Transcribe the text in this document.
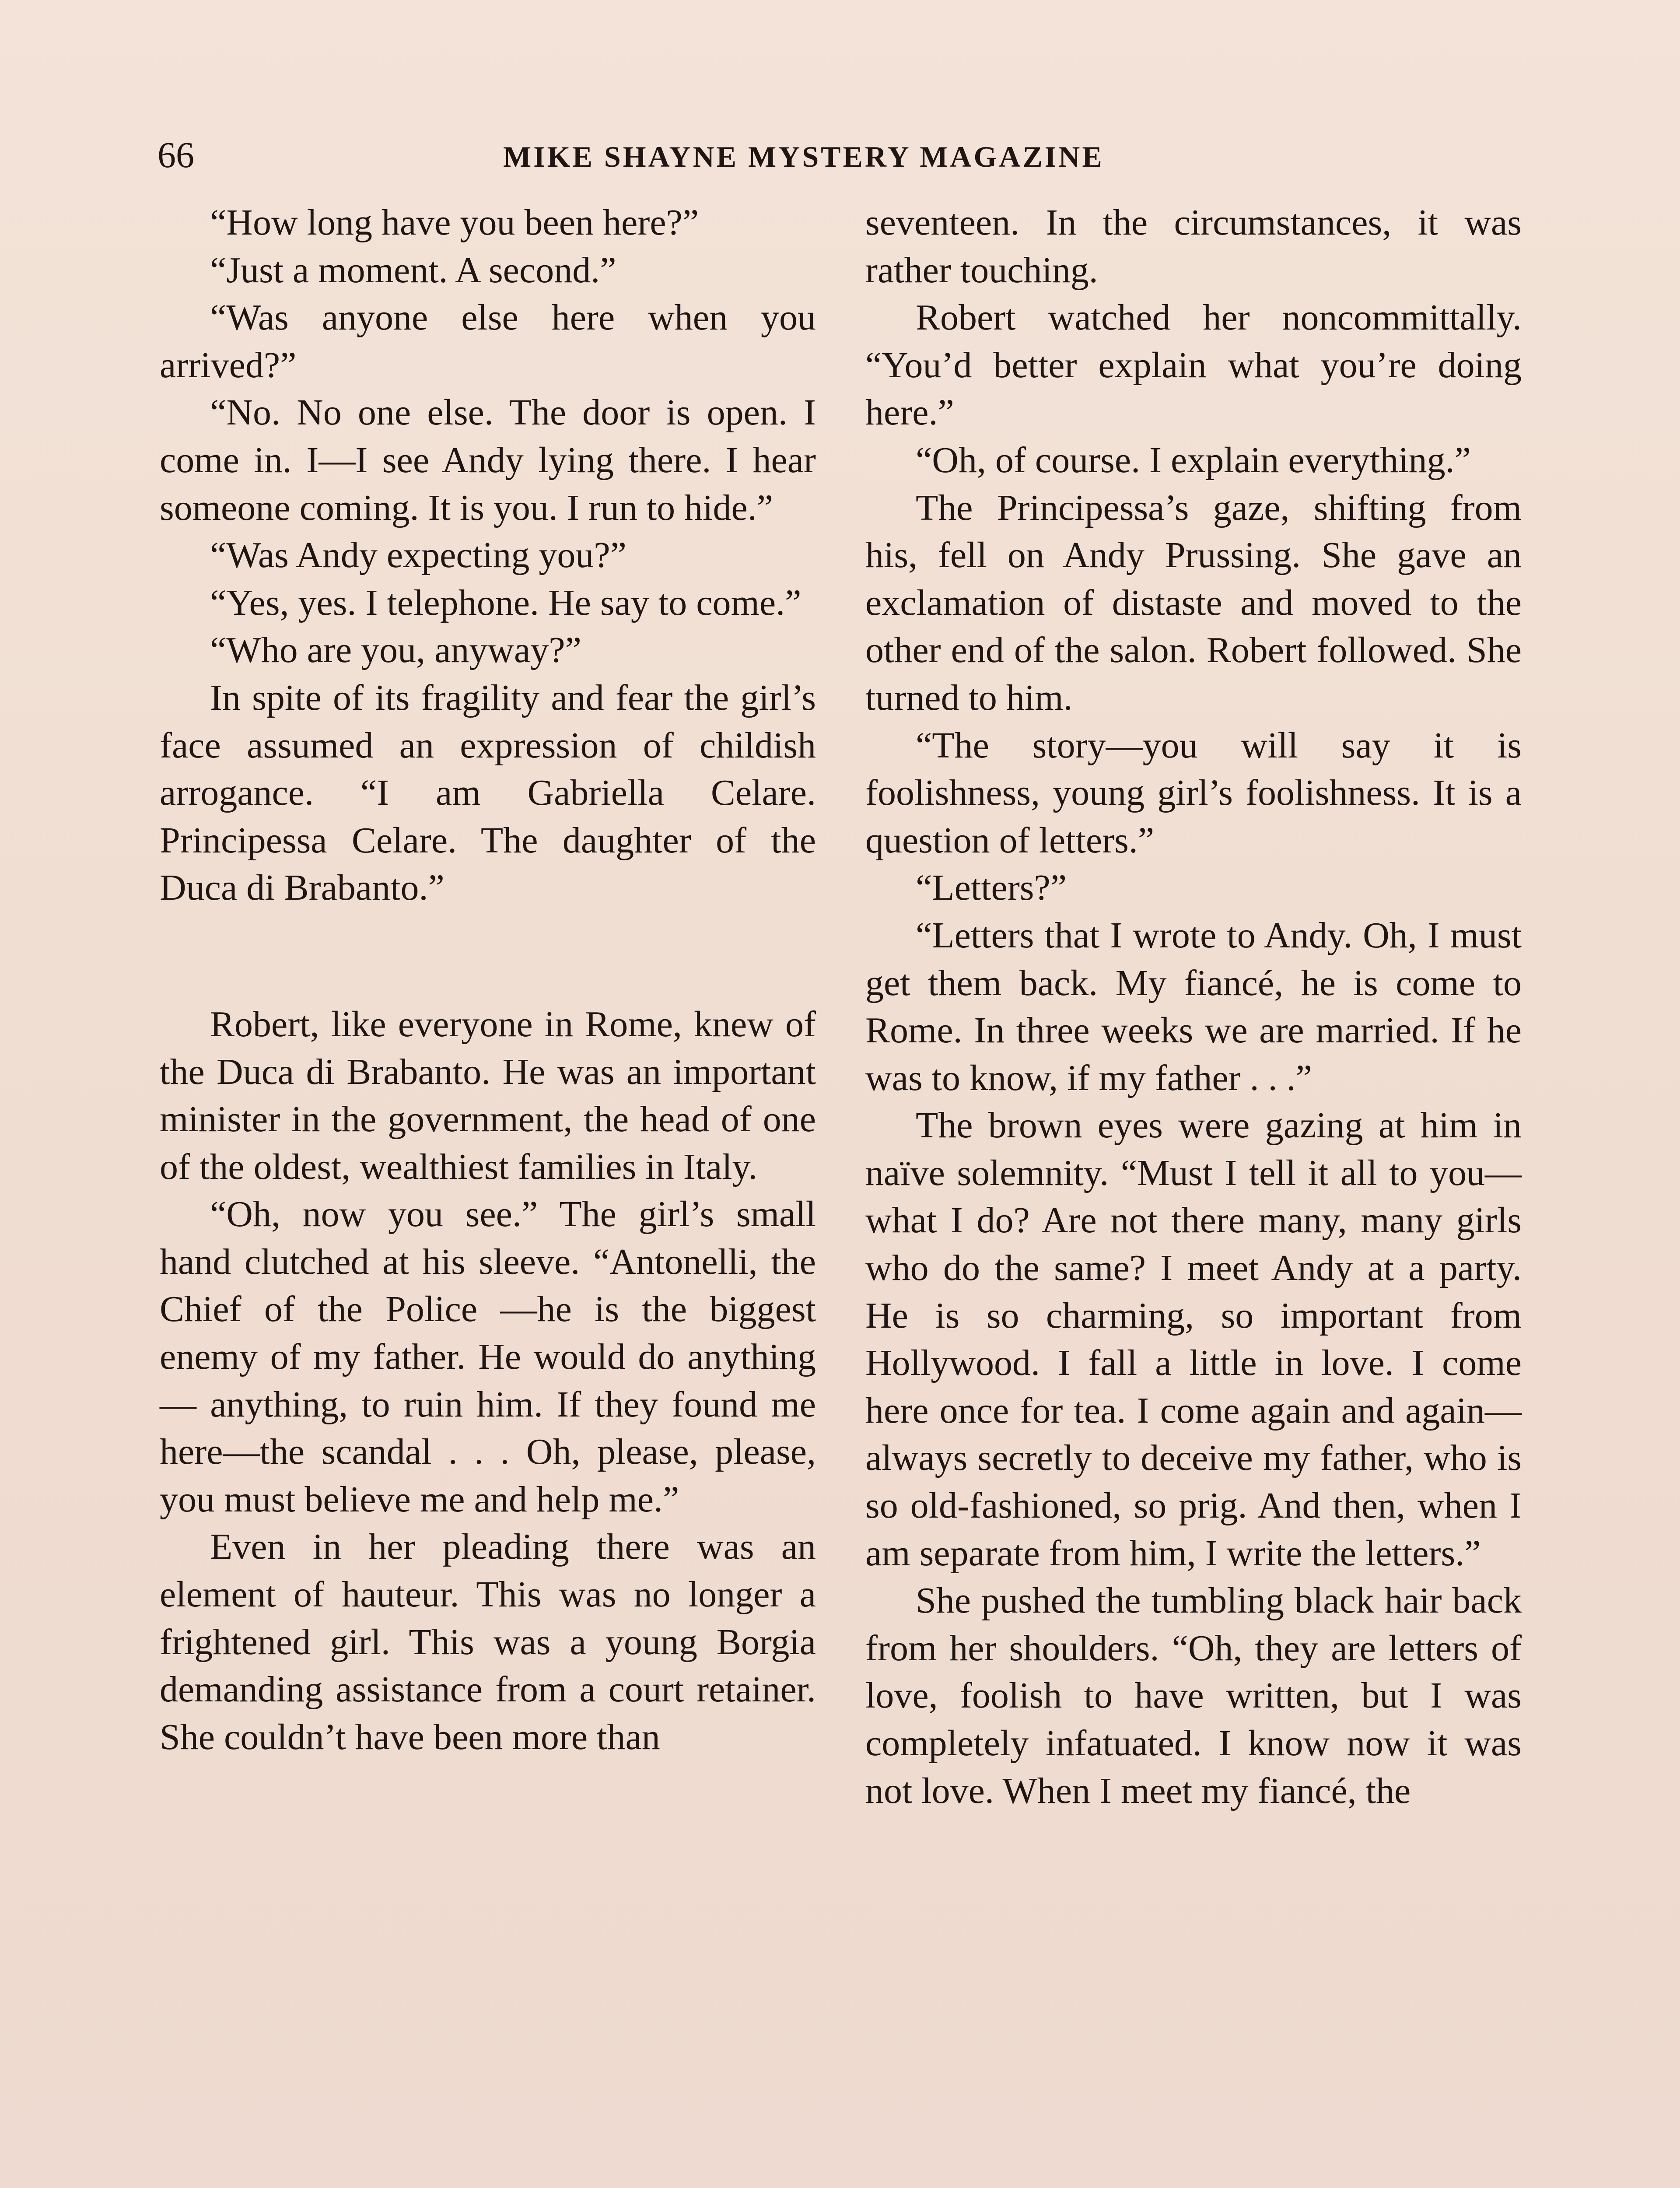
66	MIKE SHAYNE MYSTERY MAGAZINE

“How long have you been here?”

“Just a moment. A second.”

“Was anyone else here when you arrived?”

“No. No one else. The door is open. I come in. I—I see Andy lying there. I hear someone coming. It is you. I run to hide.”

“Was Andy expecting you?”

“Yes, yes. I telephone. He say to come.”

“Who are you, anyway?”

In spite of its fragility and fear the girl’s face assumed an expression of childish arrogance. “I am Gabriella Celare. Principessa Celare. The daughter of the Duca di Brabanto.”

Robert, like everyone in Rome, knew of the Duca di Brabanto. He was an important minister in the government, the head of one of the oldest, wealthiest families in Italy.

“Oh, now you see.” The girl’s small hand clutched at his sleeve. “Antonelli, the Chief of the Police —he is the biggest enemy of my father. He would do anything— anything, to ruin him. If they found me here—the scandal . . . Oh, please, please, you must believe me and help me.”

Even in her pleading there was an element of hauteur. This was no longer a frightened girl. This was a young Borgia demanding assistance from a court retainer. She couldn’t have been more than

seventeen. In the circumstances, it was rather touching.

Robert watched her noncommittally. “You’d better explain what you’re doing here.”

“Oh, of course. I explain everything.”

The Principessa’s gaze, shifting from his, fell on Andy Prussing. She gave an exclamation of distaste and moved to the other end of the salon. Robert followed. She turned to him.

“The story—you will say it is foolishness, young girl’s foolishness. It is a question of letters.”

“Letters?”

“Letters that I wrote to Andy. Oh, I must get them back. My fiancé, he is come to Rome. In three weeks we are married. If he was to know, if my father . . .”

The brown eyes were gazing at him in naïve solemnity. “Must I tell it all to you—what I do? Are not there many, many girls who do the same? I meet Andy at a party. He is so charming, so important from Hollywood. I fall a little in love. I come here once for tea. I come again and again—always secretly to deceive my father, who is so old-fashioned, so prig. And then, when I am separate from him, I write the letters.”

She pushed the tumbling black hair back from her shoulders. “Oh, they are letters of love, foolish to have written, but I was completely infatuated. I know now it was not love. When I meet my fiancé, the
